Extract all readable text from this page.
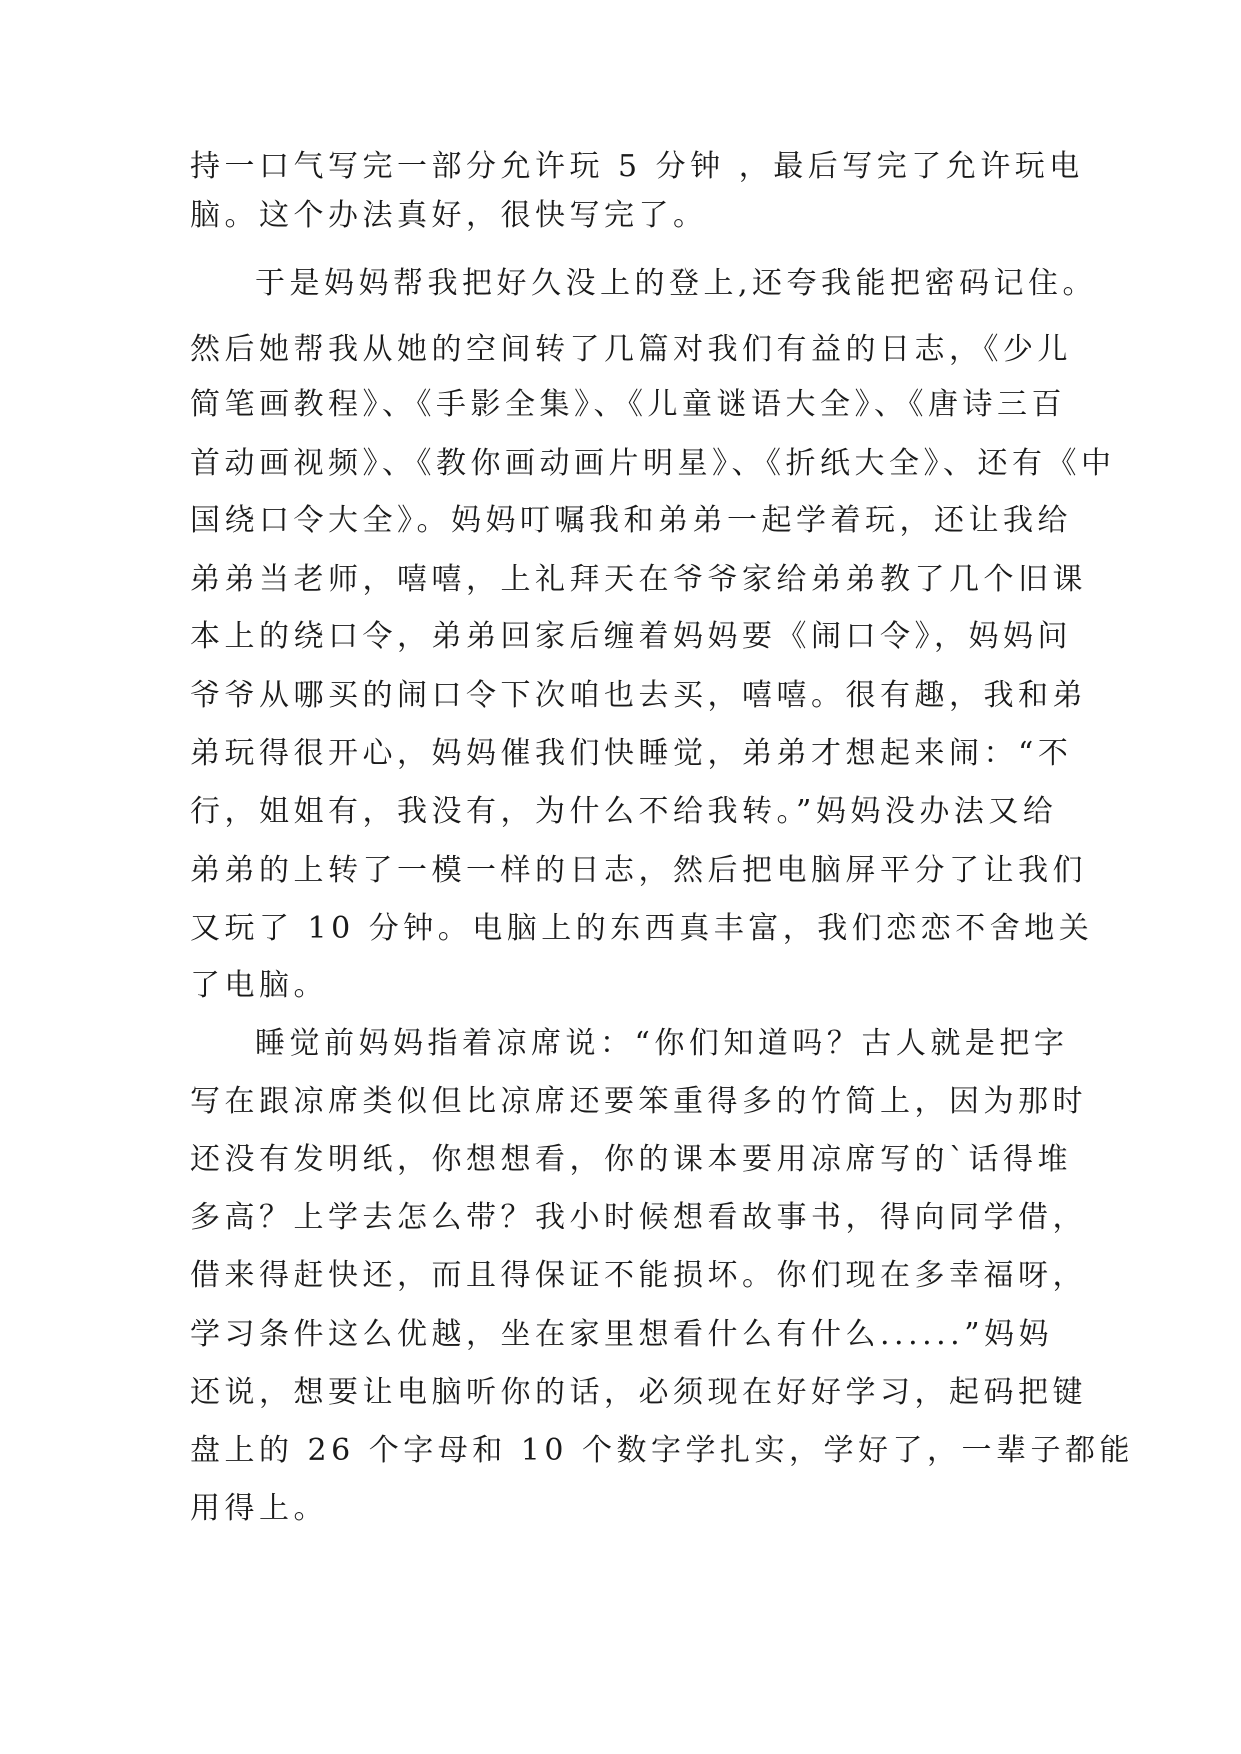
持一口气写完一部分允许玩 5 分钟 ，最后写完了允许玩电
脑。这个办法真好，很快写完了。
于是妈妈帮我把好久没上的登上,还夸我能把密码记住。
然后她帮我从她的空间转了几篇对我们有益的日志，《少儿
简笔画教程》、《手影全集》、《儿童谜语大全》、《唐诗三百
首动画视频》、《教你画动画片明星》、《折纸大全》、还有《中
国绕口令大全》。妈妈叮嘱我和弟弟一起学着玩，还让我给
弟弟当老师，嘻嘻，上礼拜天在爷爷家给弟弟教了几个旧课
本上的绕口令，弟弟回家后缠着妈妈要《闹口令》，妈妈问
爷爷从哪买的闹口令下次咱也去买，嘻嘻。很有趣，我和弟
弟玩得很开心，妈妈催我们快睡觉，弟弟才想起来闹：“不
行，姐姐有，我没有，为什么不给我转。”妈妈没办法又给
弟弟的上转了一模一样的日志，然后把电脑屏平分了让我们
又玩了 10 分钟。电脑上的东西真丰富，我们恋恋不舍地关
了电脑。
睡觉前妈妈指着凉席说：“你们知道吗？古人就是把字
写在跟凉席类似但比凉席还要笨重得多的竹简上，因为那时
还没有发明纸，你想想看，你的课本要用凉席写的`话得堆
多高？上学去怎么带？我小时候想看故事书，得向同学借，
借来得赶快还，而且得保证不能损坏。你们现在多幸福呀，
学习条件这么优越，坐在家里想看什么有什么......”妈妈
还说，想要让电脑听你的话，必须现在好好学习，起码把键
盘上的 26 个字母和 10 个数字学扎实，学好了，一辈子都能
用得上。
